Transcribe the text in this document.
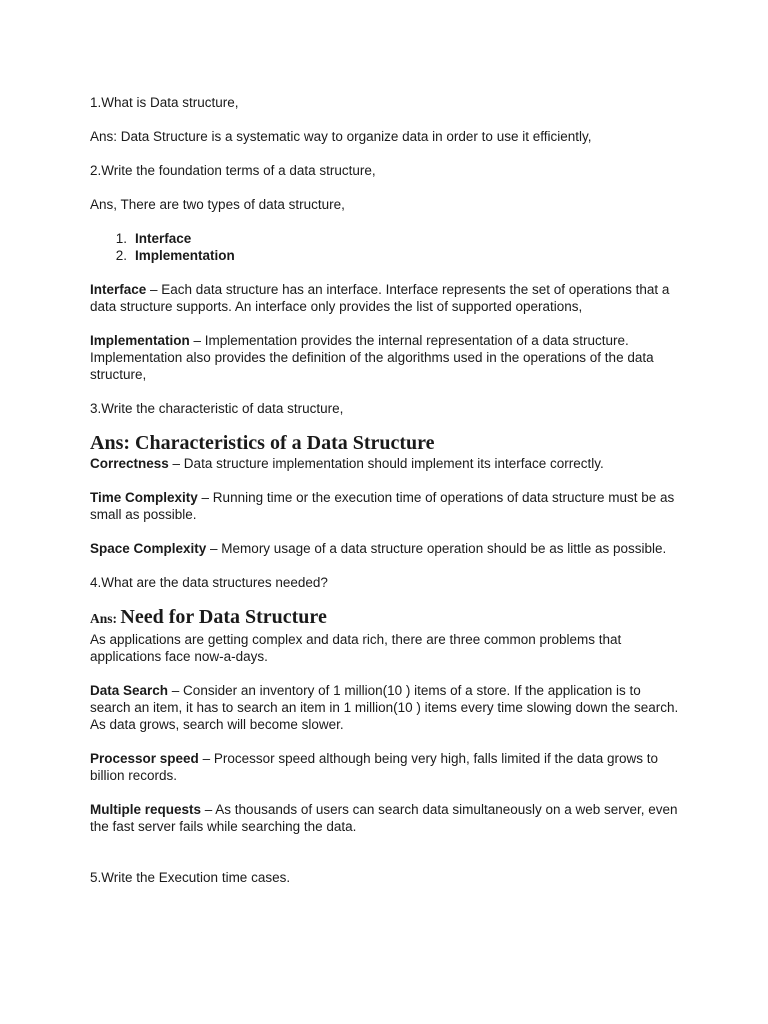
1.What is Data structure,

Ans: Data Structure is a systematic way to organize data in order to use it efficiently,

2.Write the foundation terms of a data structure,

Ans, There are two types of data structure,

1. Interface
2. Implementation

Interface – Each data structure has an interface. Interface represents the set of operations that a data structure supports. An interface only provides the list of supported operations,

Implementation – Implementation provides the internal representation of a data structure. Implementation also provides the definition of the algorithms used in the operations of the data structure,

3.Write the characteristic of data structure,

Ans: Characteristics of a Data Structure

Correctness – Data structure implementation should implement its interface correctly.

Time Complexity – Running time or the execution time of operations of data structure must be as small as possible.

Space Complexity – Memory usage of a data structure operation should be as little as possible.

4.What are the data structures needed?

Ans: Need for Data Structure

As applications are getting complex and data rich, there are three common problems that applications face now-a-days.

Data Search – Consider an inventory of 1 million(10 ) items of a store. If the application is to search an item, it has to search an item in 1 million(10 ) items every time slowing down the search. As data grows, search will become slower.

Processor speed – Processor speed although being very high, falls limited if the data grows to billion records.

Multiple requests – As thousands of users can search data simultaneously on a web server, even the fast server fails while searching the data.

5.Write the Execution time cases.
